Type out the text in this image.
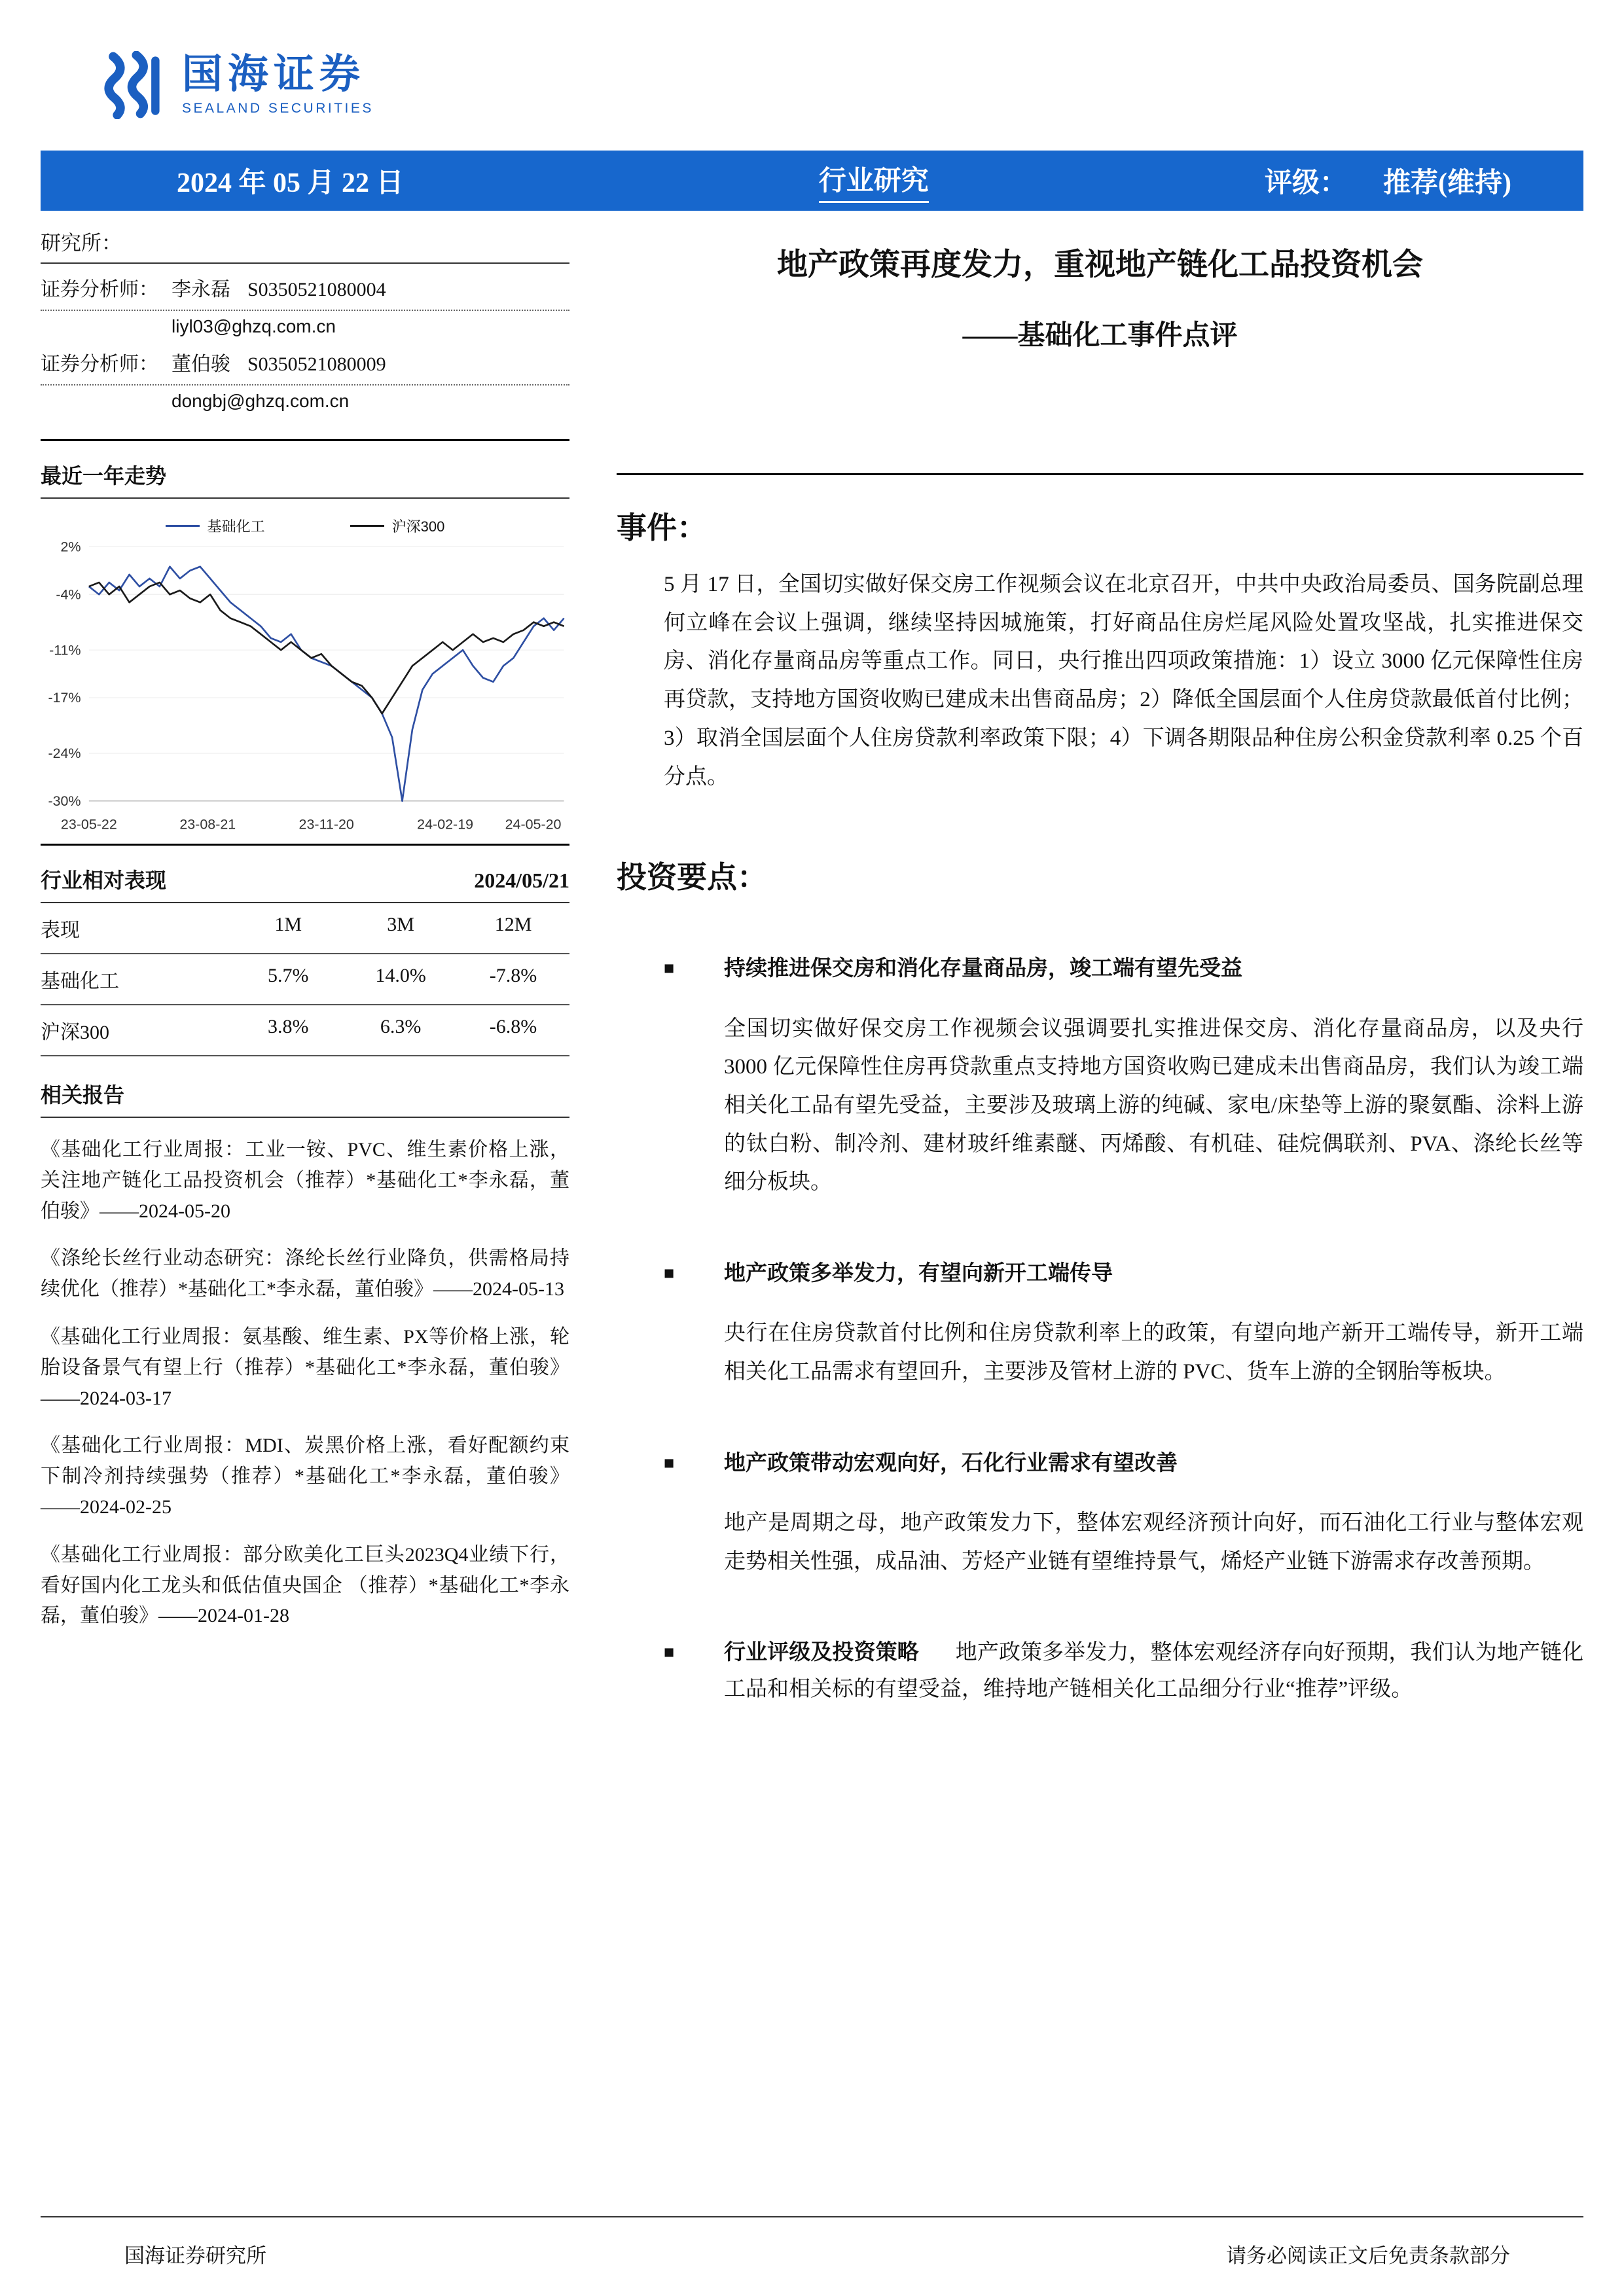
国海证券
SEALAND SECURITIES
2024 年 05 月 22 日	行业研究	评级： 推荐(维持)
研究所：
证券分析师： 李永磊 S0350521080004
liyl03@ghzq.com.cn
证券分析师： 董伯骏 S0350521080009
dongbj@ghzq.com.cn
最近一年走势
基础化工	沪深300
2%
-4%
-11%
-17%
-24%
-30%
23-05-22	23-08-21	23-11-20	24-02-19 24-05-20
行业相对表现	2024/05/21
表现	1M	3M	12M
基础化工	5.7%	14.0%	-7.8%
沪深300	3.8%	6.3%	-6.8%
相关报告
《基础化工行业周报：工业一铵、PVC、维生素价格上涨，关注地产链化工品投资机会（推荐）*基础化工*李永磊，董伯骏》——2024-05-20
《涤纶长丝行业动态研究：涤纶长丝行业降负，供需格局持续优化（推荐）*基础化工*李永磊，董伯骏》——2024-05-13
《基础化工行业周报：氨基酸、维生素、PX等价格上涨，轮胎设备景气有望上行（推荐）*基础化工*李永磊，董伯骏》——2024-03-17
《基础化工行业周报：MDI、炭黑价格上涨，看好配额约束下制冷剂持续强势（推荐）*基础化工*李永磊，董伯骏》——2024-02-25
《基础化工行业周报：部分欧美化工巨头2023Q4业绩下行，看好国内化工龙头和低估值央国企 （推荐）*基础化工*李永磊，董伯骏》——2024-01-28
地产政策再度发力，重视地产链化工品投资机会
——基础化工事件点评
事件：

5 月 17 日，全国切实做好保交房工作视频会议在北京召开，中共中央政治局委员、国务院副总理何立峰在会议上强调，继续坚持因城施策，打好商品住房烂尾风险处置攻坚战，扎实推进保交房、消化存量商品房等重点工作。同日，央行推出四项政策措施：1）设立 3000 亿元保障性住房再贷款，支持地方国资收购已建成未出售商品房；2）降低全国层面个人住房贷款最低首付比例；3）取消全国层面个人住房贷款利率政策下限；4）下调各期限品种住房公积金贷款利率 0.25 个百分点。

投资要点：
■	持续推进保交房和消化存量商品房，竣工端有望先受益

全国切实做好保交房工作视频会议强调要扎实推进保交房、消化存量商品房，以及央行 3000 亿元保障性住房再贷款重点支持地方国资收购已建成未出售商品房，我们认为竣工端相关化工品有望先受益，主要涉及玻璃上游的纯碱、家电/床垫等上游的聚氨酯、涂料上游的钛白粉、制冷剂、建材玻纤维素醚、丙烯酸、有机硅、硅烷偶联剂、PVA、涤纶长丝等细分板块。

■	地产政策多举发力，有望向新开工端传导

央行在住房贷款首付比例和住房贷款利率上的政策，有望向地产新开工端传导，新开工端相关化工品需求有望回升，主要涉及管材上游的 PVC、货车上游的全钢胎等板块。

■	地产政策带动宏观向好，石化行业需求有望改善

地产是周期之母，地产政策发力下，整体宏观经济预计向好，而石油化工行业与整体宏观走势相关性强，成品油、芳烃产业链有望维持景气，烯烃产业链下游需求存改善预期。

■	行业评级及投资策略 地产政策多举发力，整体宏观经济存向好预期，我们认为地产链化工品和相关标的有望受益，维持地产链相关化工品细分行业“推荐”评级。
国海证券研究所	请务必阅读正文后免责条款部分
